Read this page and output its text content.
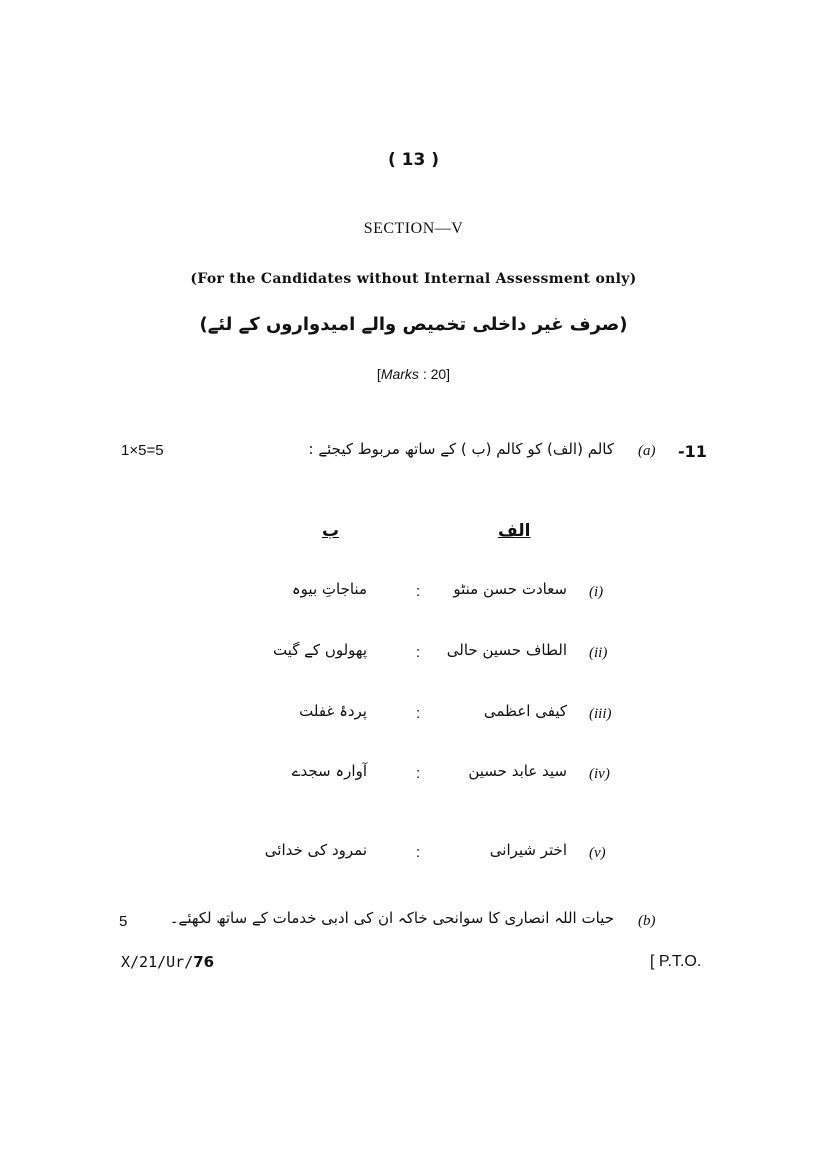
( 13 )
SECTION—V
(For the Candidates without Internal Assessment only)
(صرف غیر داخلی تخمیص والے امیدواروں کے لئے)
[Marks : 20]
-11
(a)
کالم (الف) کو کالم (ب ) کے ساتھ مربوط کیجئے :
1×5=5
الف
ب
(i)
سعادت حسن منٹو
:
مناجاتِ بیوہ
(ii)
الطاف حسین حالی
:
پھولوں کے گیت
(iii)
کیفی اعظمی
:
پردۂ غفلت
(iv)
سید عابد حسین
:
آوارہ سجدے
(v)
اختر شیرانی
:
نمرود کی خدائی
(b)
حیات اللہ انصاری کا سوانحی خاکہ ان کی ادبی خدمات کے ساتھ لکھئے۔
5
X/21/Ur/76	[ P.T.O.
